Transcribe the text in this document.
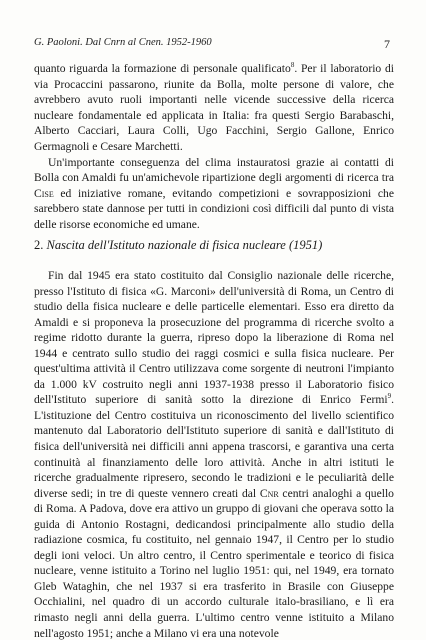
G. Paoloni. Dal Cnrn al Cnen. 1952-1960	7

quanto riguarda la formazione di personale qualificato$^8$. Per il laboratorio di via Procaccini passarono, riunite da Bolla, molte persone di valore, che avrebbero avuto ruoli importanti nelle vicende successive della ricerca nucleare fondamentale ed applicata in Italia: fra questi Sergio Barabaschi, Alberto Cacciari, Laura Colli, Ugo Facchini, Sergio Gallone, Enrico Germagnoli e Cesare Marchetti.

Un'importante conseguenza del clima instauratosi grazie ai contatti di Bolla con Amaldi fu un'amichevole ripartizione degli argomenti di ricerca tra Cise ed iniziative romane, evitando competizioni e sovrapposizioni che sarebbero state dannose per tutti in condizioni così difficili dal punto di vista delle risorse economiche ed umane.

2. Nascita dell'Istituto nazionale di fisica nucleare (1951)

Fin dal 1945 era stato costituito dal Consiglio nazionale delle ricerche, presso l'Istituto di fisica «G. Marconi» dell'università di Roma, un Centro di studio della fisica nucleare e delle particelle elementari. Esso era diretto da Amaldi e si proponeva la prosecuzione del programma di ricerche svolto a regime ridotto durante la guerra, ripreso dopo la liberazione di Roma nel 1944 e centrato sullo studio dei raggi cosmici e sulla fisica nucleare. Per quest'ultima attività il Centro utilizzava come sorgente di neutroni l'impianto da 1.000 kV costruito negli anni 1937-1938 presso il Laboratorio fisico dell'Istituto superiore di sanità sotto la direzione di Enrico Fermi$^9$. L'istituzione del Centro costituiva un riconoscimento del livello scientifico mantenuto dal Laboratorio dell'Istituto superiore di sanità e dall'Istituto di fisica dell'università nei difficili anni appena trascorsi, e garantiva una certa continuità al finanziamento delle loro attività. Anche in altri istituti le ricerche gradualmente ripresero, secondo le tradizioni e le peculiarità delle diverse sedi; in tre di queste vennero creati dal Cnr centri analoghi a quello di Roma. A Padova, dove era attivo un gruppo di giovani che operava sotto la guida di Antonio Rostagni, dedicandosi principalmente allo studio della radiazione cosmica, fu costituito, nel gennaio 1947, il Centro per lo studio degli ioni veloci. Un altro centro, il Centro sperimentale e teorico di fisica nucleare, venne istituito a Torino nel luglio 1951: qui, nel 1949, era tornato Gleb Wataghin, che nel 1937 si era trasferito in Brasile con Giuseppe Occhialini, nel quadro di un accordo culturale italo-brasiliano, e lì era rimasto negli anni della guerra. L'ultimo centro venne istituito a Milano nell'agosto 1951; anche a Milano vi era una notevole
